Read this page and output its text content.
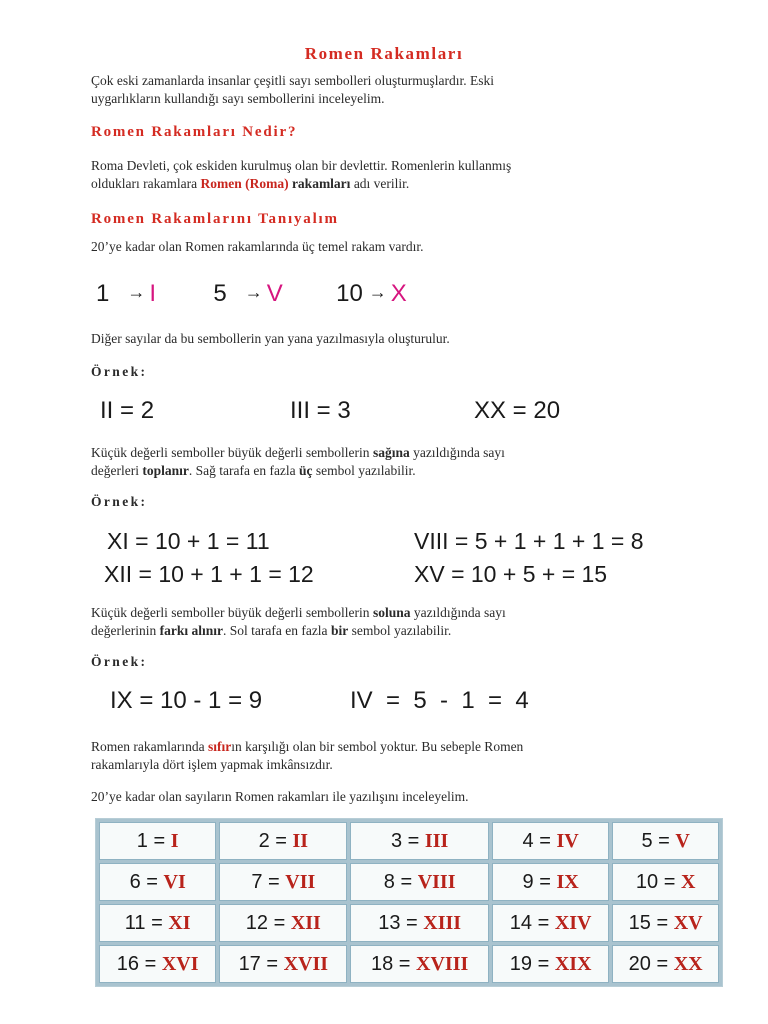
Romen Rakamları
Çok eski zamanlarda insanlar çeşitli sayı sembolleri oluşturmuşlardır. Eski
uygarlıkların kullandığı sayı sembollerini inceleyelim.
Romen Rakamları Nedir?
Roma Devleti, çok eskiden kurulmuş olan bir devlettir. Romenlerin kullanmış
oldukları rakamlara Romen (Roma) rakamları adı verilir.
Romen Rakamlarını Tanıyalım
20’ye kadar olan Romen rakamlarında üç temel rakam vardır.
1 → I 5 → V 10 → X
Diğer sayılar da bu sembollerin yan yana yazılmasıyla oluşturulur.
Örnek:
II = 2	III = 3	XX = 20
Küçük değerli semboller büyük değerli sembollerin sağına yazıldığında sayı
değerleri toplanır. Sağ tarafa en fazla üç sembol yazılabilir.
Örnek:
XI = 10 + 1 = 11	VIII = 5 + 1 + 1 + 1 = 8
XII = 10 + 1 + 1 = 12	XV = 10 + 5 + = 15
Küçük değerli semboller büyük değerli sembollerin soluna yazıldığında sayı
değerlerinin farkı alınır. Sol tarafa en fazla bir sembol yazılabilir.
Örnek:
IX = 10 - 1 = 9	IV  =  5  -  1  =  4
Romen rakamlarında sıfırın karşılığı olan bir sembol yoktur. Bu sebeple Romen
rakamlarıyla dört işlem yapmak imkânsızdır.
20’ye kadar olan sayıların Romen rakamları ile yazılışını inceleyelim.
1 = I	2 = II	3 = III	4 = IV	5 = V
6 = VI	7 = VII	8 = VIII	9 = IX	10 = X
11 = XI	12 = XII	13 = XIII	14 = XIV	15 = XV
16 = XVI	17 = XVII	18 = XVIII	19 = XIX	20 = XX
